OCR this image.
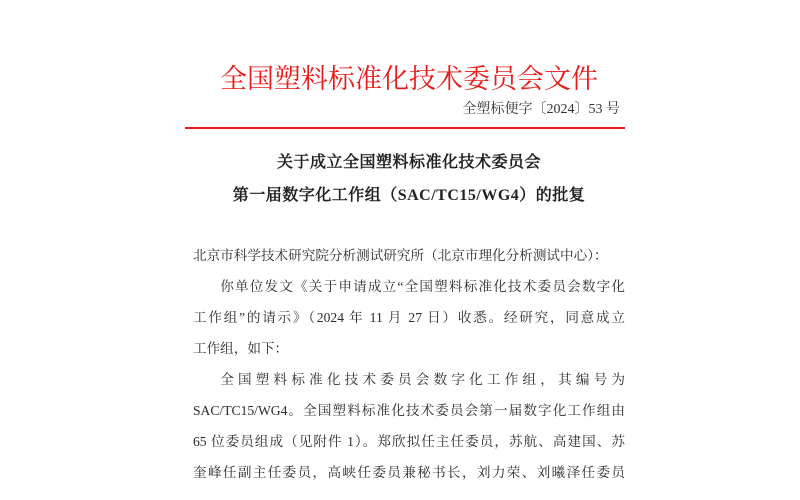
全国塑料标准化技术委员会文件
全塑标便字〔2024〕53 号
关于成立全国塑料标准化技术委员会
第一届数字化工作组（SAC/TC15/WG4）的批复
北京市科学技术研究院分析测试研究所（北京市理化分析测试中心）：
你单位发文《关于申请成立“全国塑料标准化技术委员会数字化
工作组”的请示》（2024 年 11 月 27 日）收悉。经研究，同意成立
工作组，如下：
全国塑料标准化技术委员会数字化工作组，其编号为
SAC/TC15/WG4。全国塑料标准化技术委员会第一届数字化工作组由
65 位委员组成（见附件 1）。郑欣拟任主任委员，苏航、高建国、苏
奎峰任副主任委员，高峡任委员兼秘书长，刘力荣、刘曦泽任委员
